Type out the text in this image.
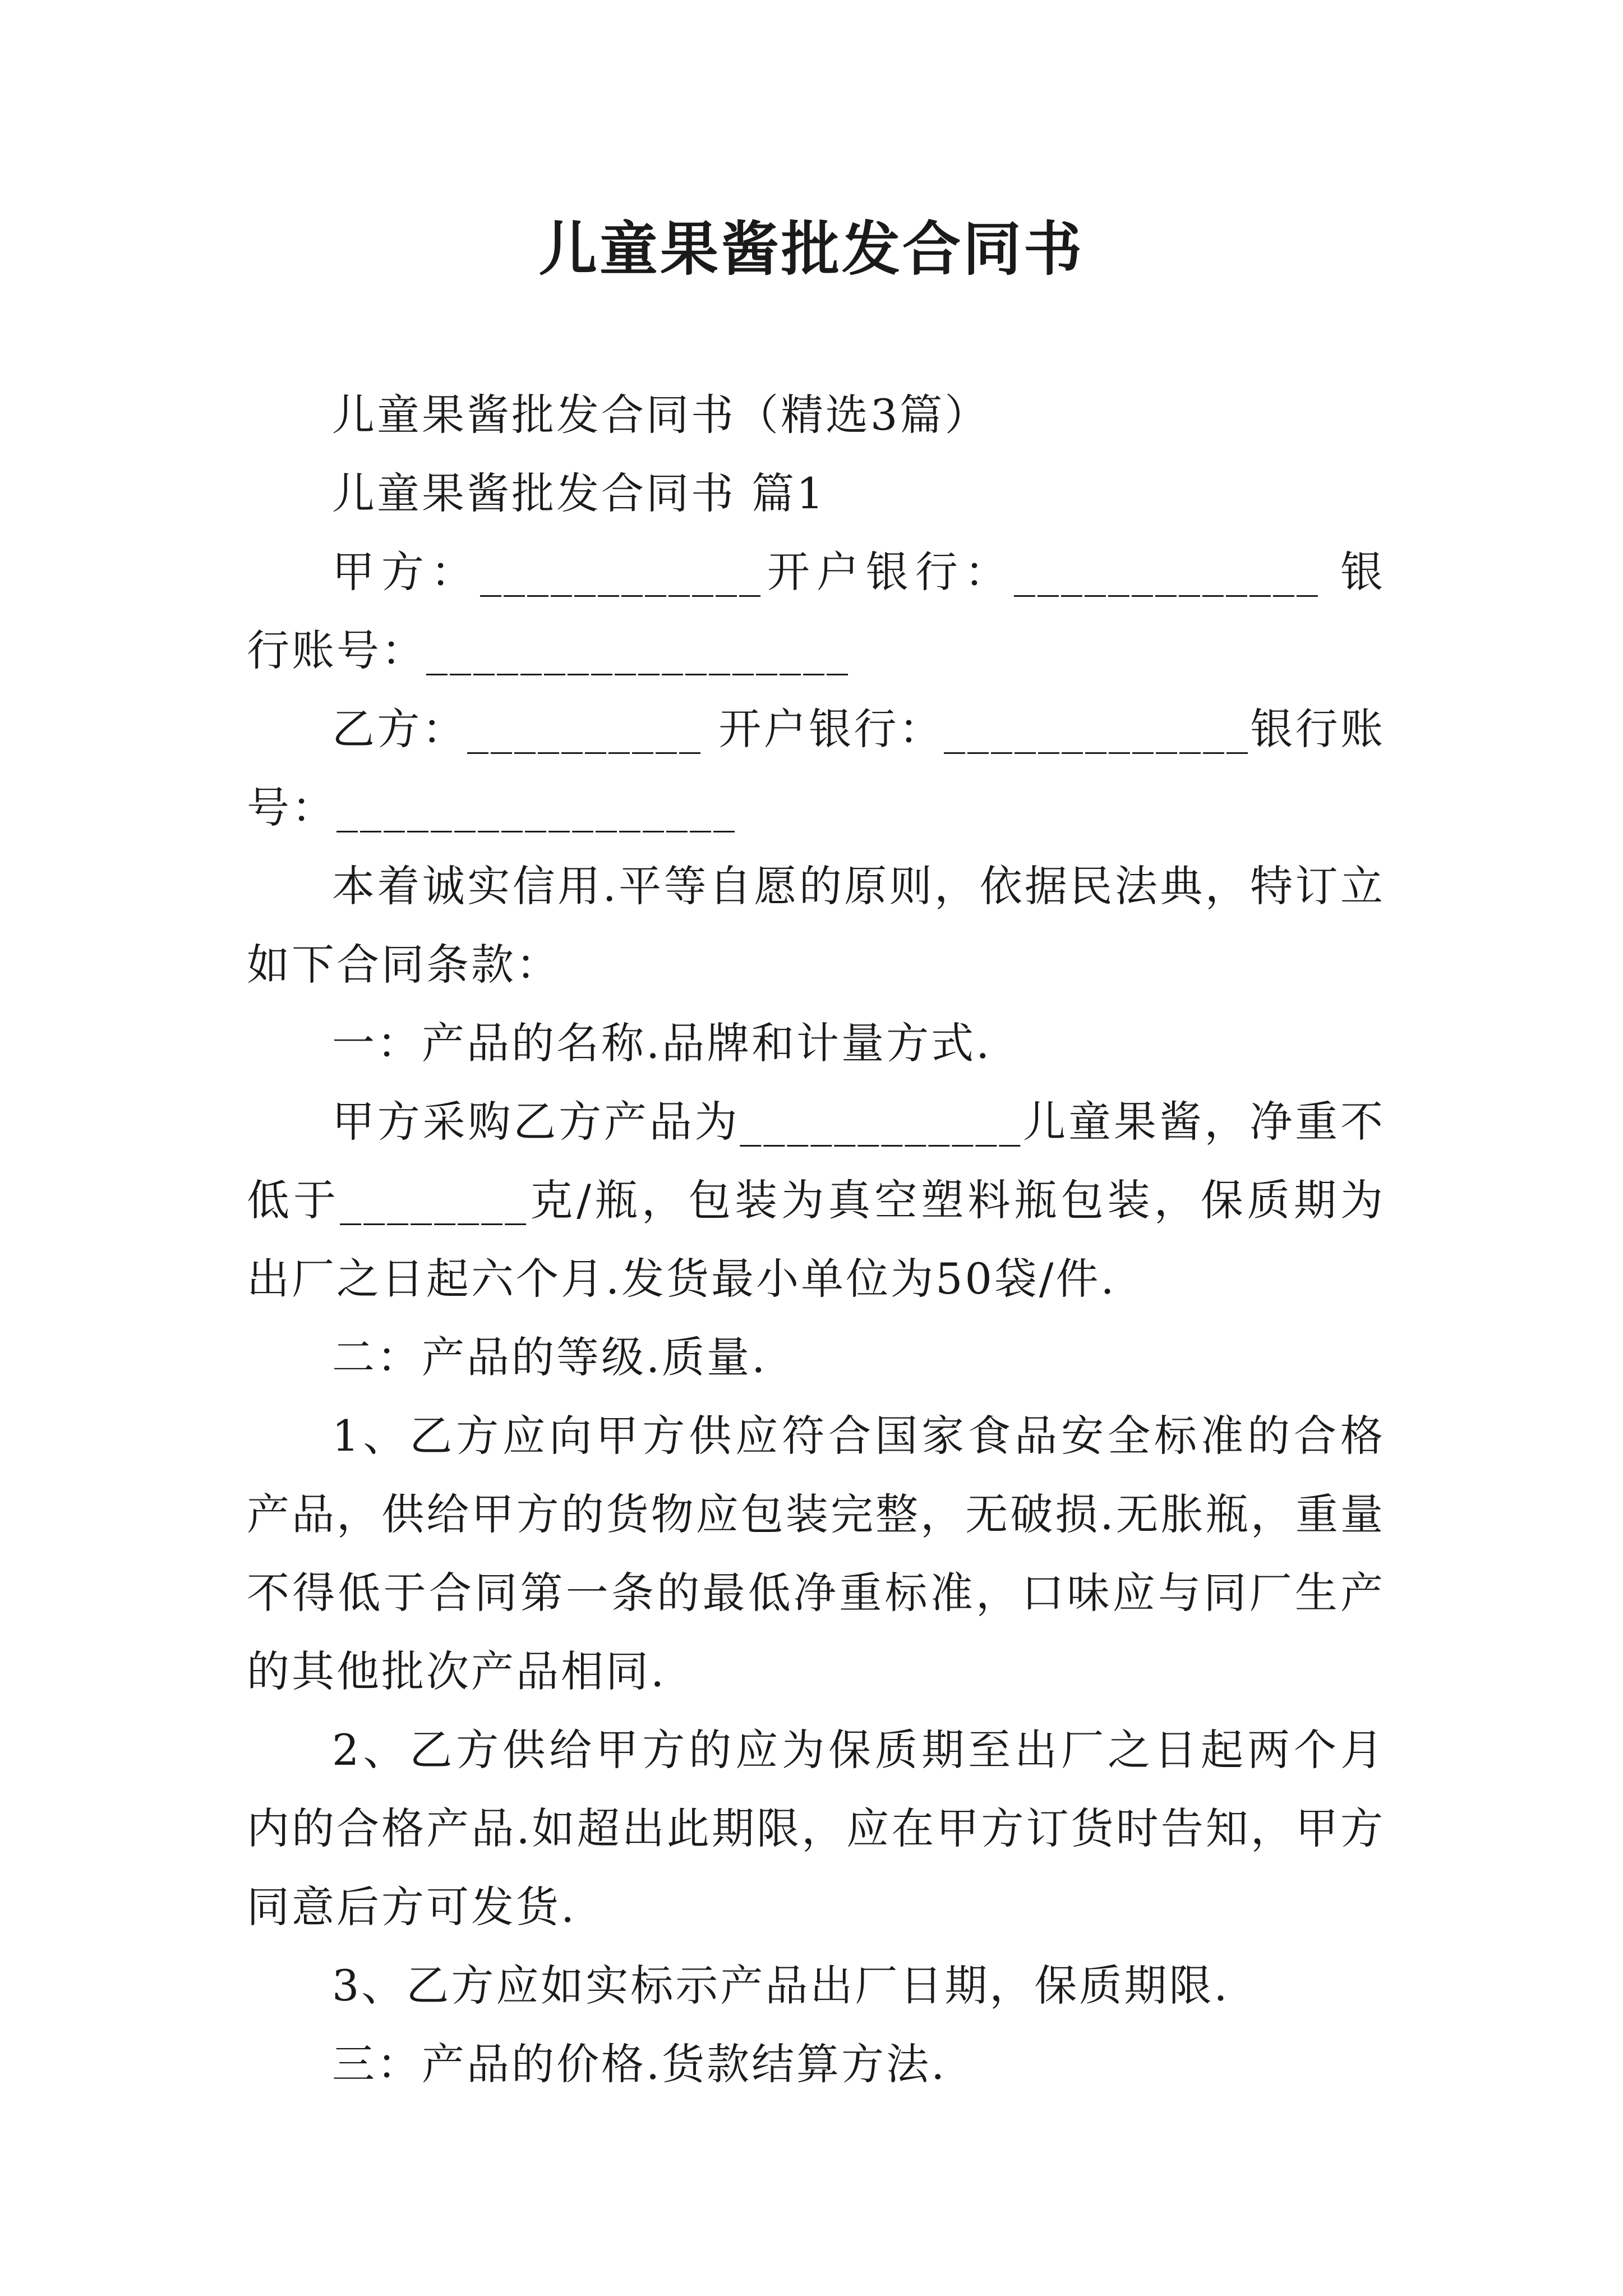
儿童果酱批发合同书

儿童果酱批发合同书（精选3篇）

儿童果酱批发合同书 篇1

甲方：____________开户银行：_____________ 银行账号：__________________

乙方：__________ 开户银行：_____________银行账号：_________________

本着诚实信用.平等自愿的原则，依据民法典，特订立如下合同条款：

一：产品的名称.品牌和计量方式.

甲方采购乙方产品为____________儿童果酱，净重不低于________克/瓶，包装为真空塑料瓶包装，保质期为出厂之日起六个月.发货最小单位为50袋/件.

二：产品的等级.质量.

1、乙方应向甲方供应符合国家食品安全标准的合格产品，供给甲方的货物应包装完整，无破损.无胀瓶，重量不得低于合同第一条的最低净重标准，口味应与同厂生产的其他批次产品相同.

2、乙方供给甲方的应为保质期至出厂之日起两个月内的合格产品.如超出此期限，应在甲方订货时告知，甲方同意后方可发货.

3、乙方应如实标示产品出厂日期，保质期限.

三：产品的价格.货款结算方法.
